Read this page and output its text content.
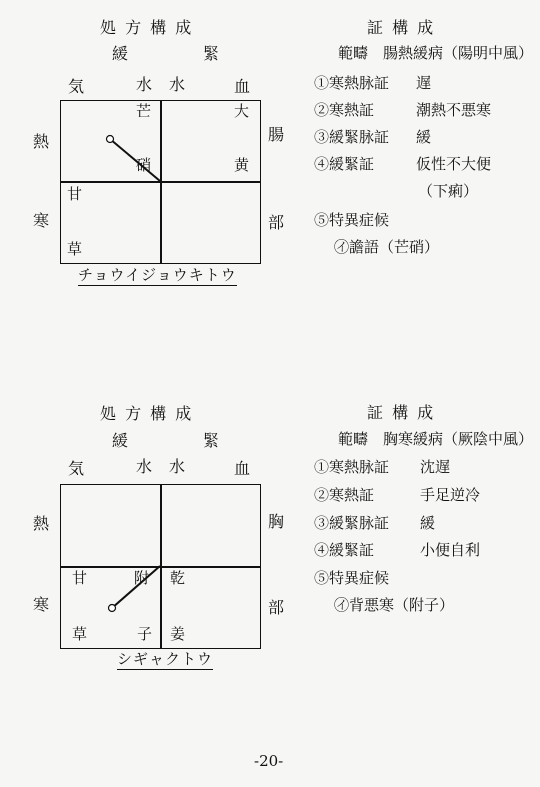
処 方 構 成
緩	緊
気	水 水	血
熱
寒
腸
部
芒
硝
大
黄
甘
草
チョウイジョウキトウ
証 構 成
範疇　腸熱緩病（陽明中風）
①寒熱脉証 遅
②寒熱証	潮熱不悪寒
③緩緊脉証 緩
④緩緊証	仮性不大便
（下痢）
⑤特異症候
㋑譫語（芒硝）
処 方 構 成
緩	緊
気	水 水	血
熱
寒
胸
部
甘
草
附
子
乾
姜
シギャクトウ
証 構 成
範疇　胸寒緩病（厥陰中風）
①寒熱脉証 沈遅
②寒熱証	手足逆冷
③緩緊脉証 緩
④緩緊証	小便自利
⑤特異症候
㋑背悪寒（附子）
-20-
